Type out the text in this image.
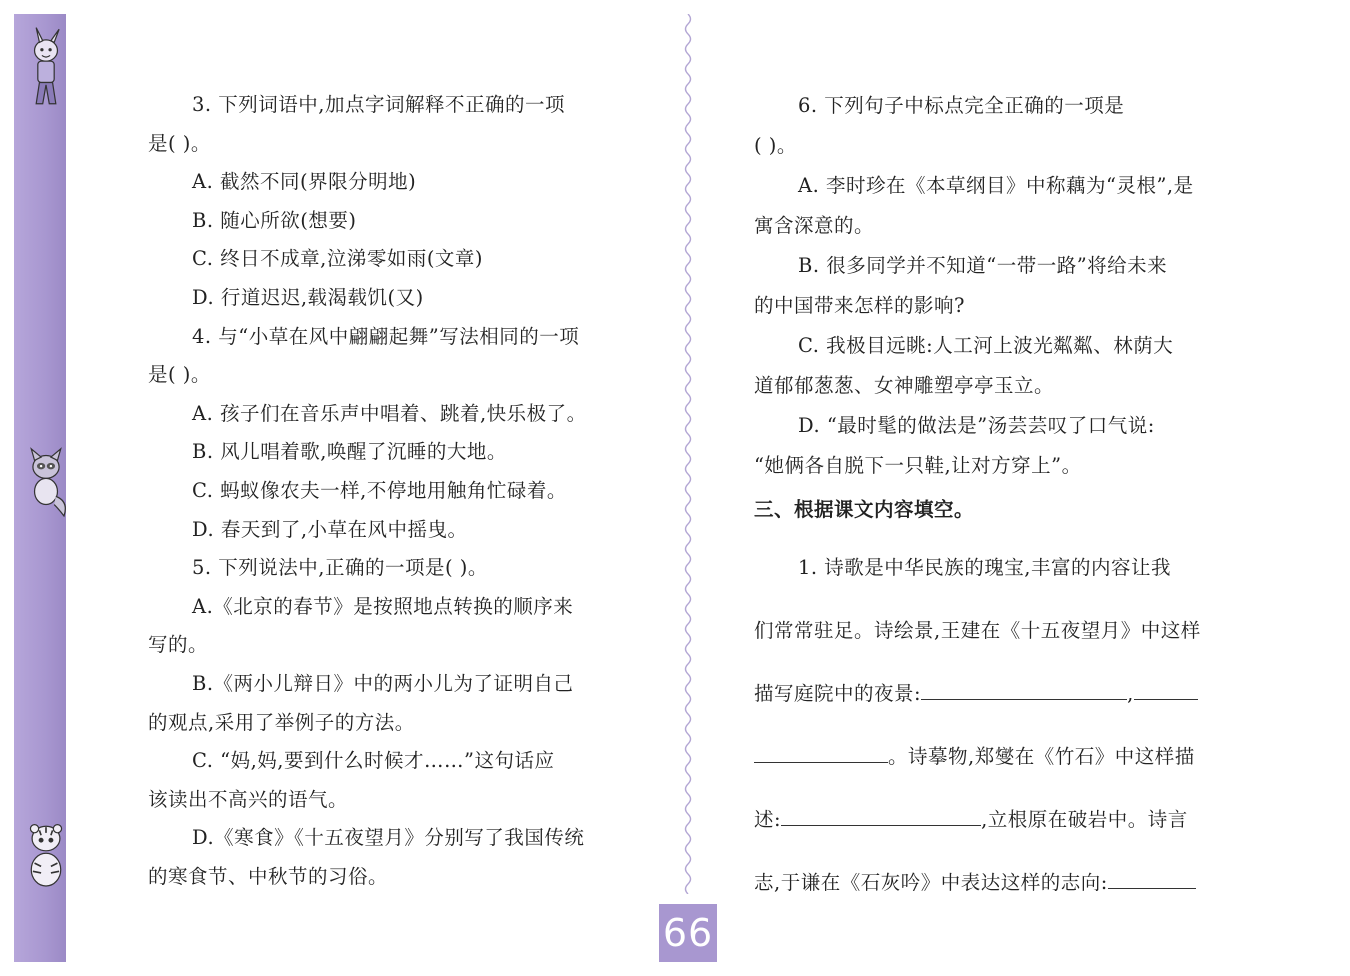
3. 下列词语中,加点字词解释不正确的一项

是( )。

A. 截然不同(界限分明地)

B. 随心所欲(想要)

C. 终日不成章,泣涕零如雨(文章)

D. 行道迟迟,载渴载饥(又)

4. 与“小草在风中翩翩起舞”写法相同的一项

是( )。

A. 孩子们在音乐声中唱着、跳着,快乐极了。

B. 风儿唱着歌,唤醒了沉睡的大地。

C. 蚂蚁像农夫一样,不停地用触角忙碌着。

D. 春天到了,小草在风中摇曳。

5. 下列说法中,正确的一项是( )。

A.《北京的春节》是按照地点转换的顺序来

写的。

B.《两小儿辩日》中的两小儿为了证明自己

的观点,采用了举例子的方法。

C. “妈,妈,要到什么时候才……”这句话应

该读出不高兴的语气。

D.《寒食》《十五夜望月》分别写了我国传统

的寒食节、中秋节的习俗。

6. 下列句子中标点完全正确的一项是

( )。

A. 李时珍在《本草纲目》中称藕为“灵根”,是

寓含深意的。

B. 很多同学并不知道“一带一路”将给未来

的中国带来怎样的影响?

C. 我极目远眺:人工河上波光粼粼、林荫大

道郁郁葱葱、女神雕塑亭亭玉立。

D. “最时髦的做法是”汤芸芸叹了口气说:

“她俩各自脱下一只鞋,让对方穿上”。

三、根据课文内容填空。

1. 诗歌是中华民族的瑰宝,丰富的内容让我

们常常驻足。诗绘景,王建在《十五夜望月》中这样

描写庭院中的夜景:	,

。诗摹物,郑燮在《竹石》中这样描

述:	,立根原在破岩中。诗言

志,于谦在《石灰吟》中表达这样的志向:

66
